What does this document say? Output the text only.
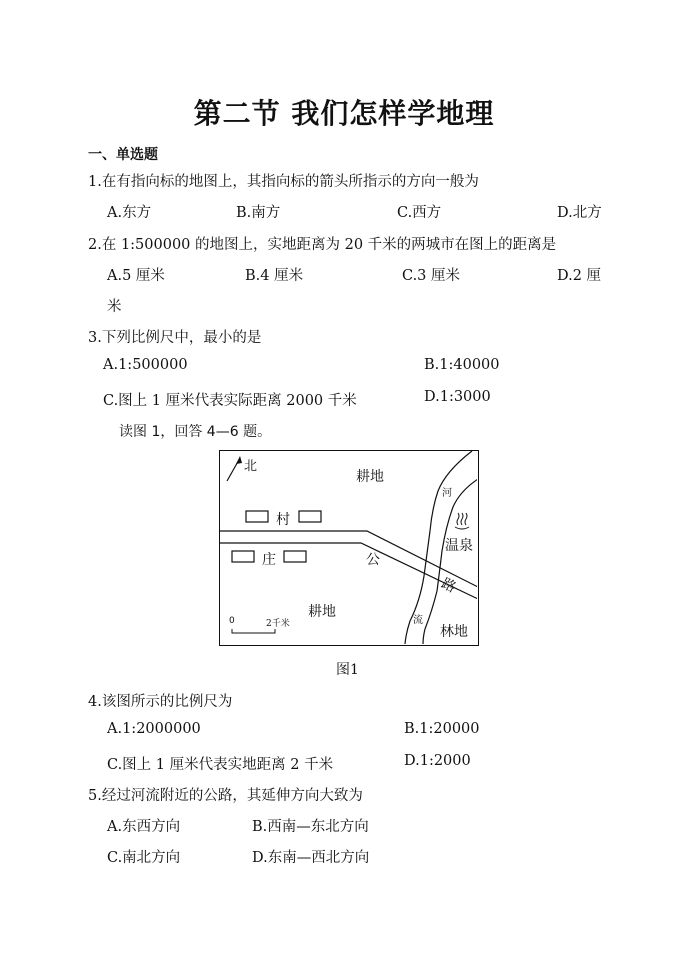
第二节 我们怎样学地理
一、单选题
1.在有指向标的地图上，其指向标的箭头所指示的方向一般为
A.东方	B.南方	C.西方	D.北方
2.在 1:500000 的地图上，实地距离为 20 千米的两城市在图上的距离是
A.5 厘米	B.4 厘米	C.3 厘米	D.2 厘
米
3.下列比例尺中，最小的是
A.1:500000	B.1:40000
C.图上 1 厘米代表实际距离 2000 千米	D.1:3000
读图 1，回答 4—6 题。
北
耕地
村
庄	公
路
耕地
林地
河
流
温泉
0	2千米
图1
4.该图所示的比例尺为
A.1:2000000	B.1:20000
C.图上 1 厘米代表实地距离 2 千米	D.1:2000
5.经过河流附近的公路，其延伸方向大致为
A.东西方向	B.西南—东北方向
C.南北方向	D.东南—西北方向
